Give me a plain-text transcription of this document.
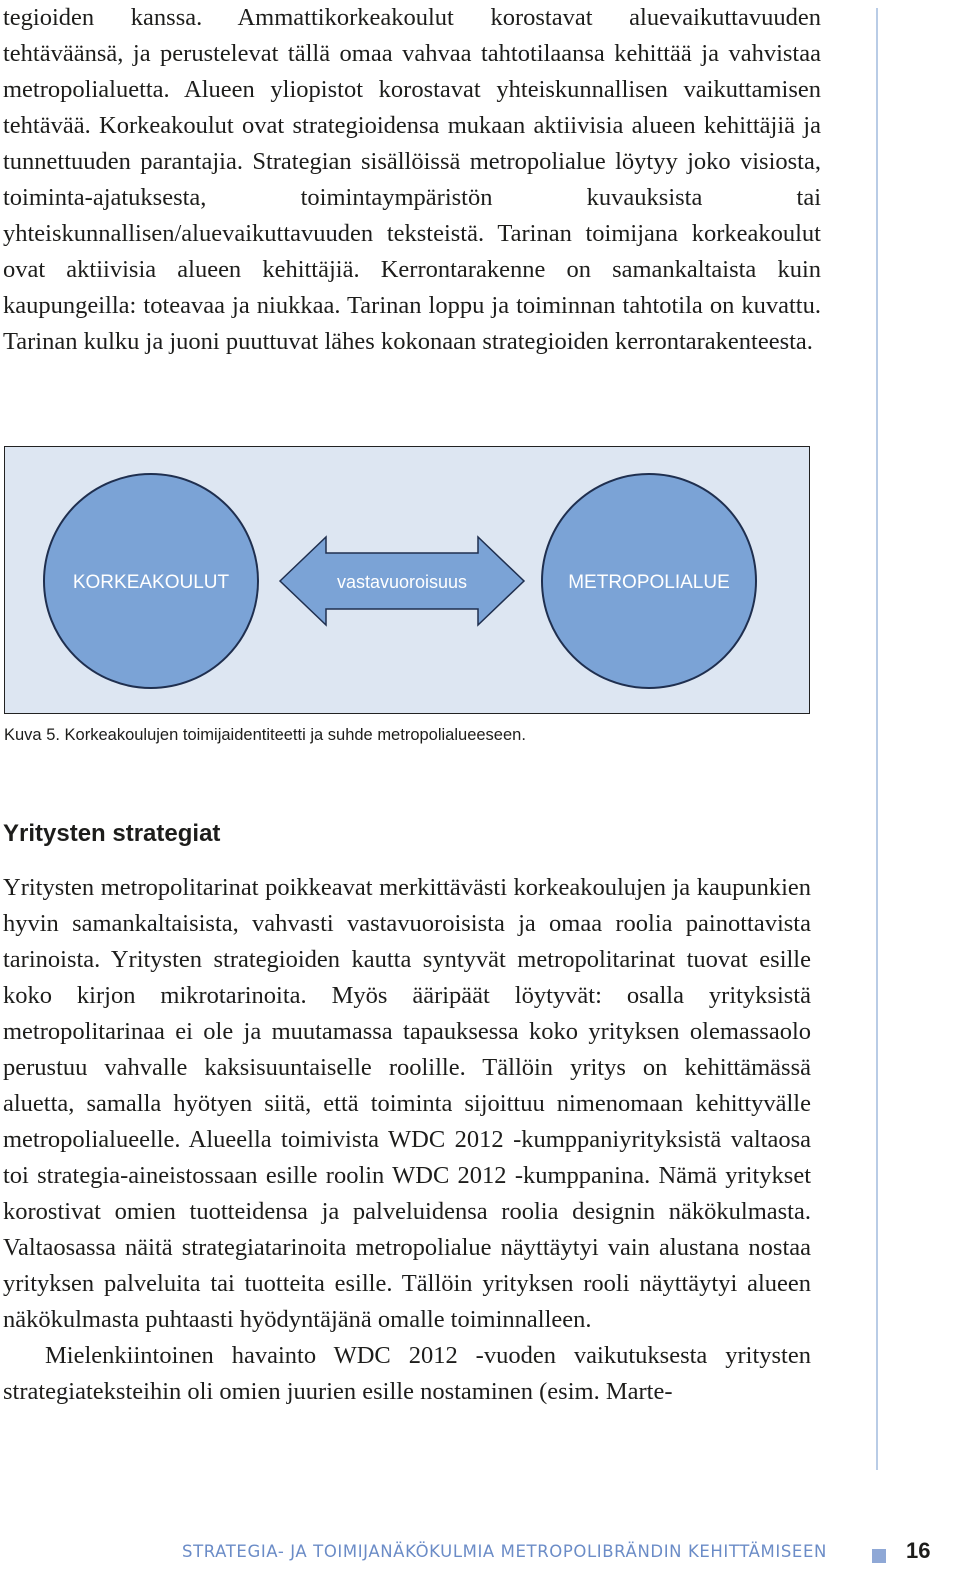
tegioiden kanssa. Ammattikorkeakoulut korostavat aluevaikuttavuuden tehtäväänsä, ja perustelevat tällä omaa vahvaa tahtotilaansa kehittää ja vahvistaa metropolialuetta. Alueen yliopistot korostavat yhteiskunnallisen vaikuttamisen tehtävää. Korkeakoulut ovat strategioidensa mukaan aktiivisia alueen kehittäjiä ja tunnettuuden parantajia. Strategian sisällöissä metropolialue löytyy joko visiosta, toiminta-ajatuksesta, toimintaympäristön kuvauksista tai yhteiskunnallisen/aluevaikuttavuuden teksteistä. Tarinan toimijana korkeakoulut ovat aktiivisia alueen kehittäjiä. Kerrontarakenne on samankaltaista kuin kaupungeilla: toteavaa ja niukkaa. Tarinan loppu ja toiminnan tahtotila on kuvattu. Tarinan kulku ja juoni puuttuvat lähes kokonaan strategioiden kerrontarakenteesta.

KORKEAKOULUT	vastavuoroisuus	METROPOLIALUE
Kuva 5. Korkeakoulujen toimijaidentiteetti ja suhde metropolialueeseen.
Yritysten strategiat
Yritysten metropolitarinat poikkeavat merkittävästi korkeakoulujen ja kaupunkien hyvin samankaltaisista, vahvasti vastavuoroisista ja omaa roolia painottavista tarinoista. Yritysten strategioiden kautta syntyvät metropolitarinat tuovat esille koko kirjon mikrotarinoita. Myös ääripäät löytyvät: osalla yrityksistä metropolitarinaa ei ole ja muutamassa tapauksessa koko yrityksen olemassaolo perustuu vahvalle kaksisuuntaiselle roolille. Tällöin yritys on kehittämässä aluetta, samalla hyötyen siitä, että toiminta sijoittuu nimenomaan kehittyvälle metropolialueelle. Alueella toimivista WDC 2012 -kumppaniyrityksistä valtaosa toi strategia-aineistossaan esille roolin WDC 2012 -kumppanina. Nämä yritykset korostivat omien tuotteidensa ja palveluidensa roolia designin näkökulmasta. Valtaosassa näitä strategiatarinoita metropolialue näyttäytyi vain alustana nostaa yrityksen palveluita tai tuotteita esille. Tällöin yrityksen rooli näyttäytyi alueen näkökulmasta puhtaasti hyödyntäjänä omalle toiminnalleen.
Mielenkiintoinen havainto WDC 2012 -vuoden vaikutuksesta yritysten strategiateksteihin oli omien juurien esille nostaminen (esim. Marte-
STRATEGIA- JA TOIMIJANÄKÖKULMIA METROPOLIBRÄNDIN KEHITTÄMISEEN	16
